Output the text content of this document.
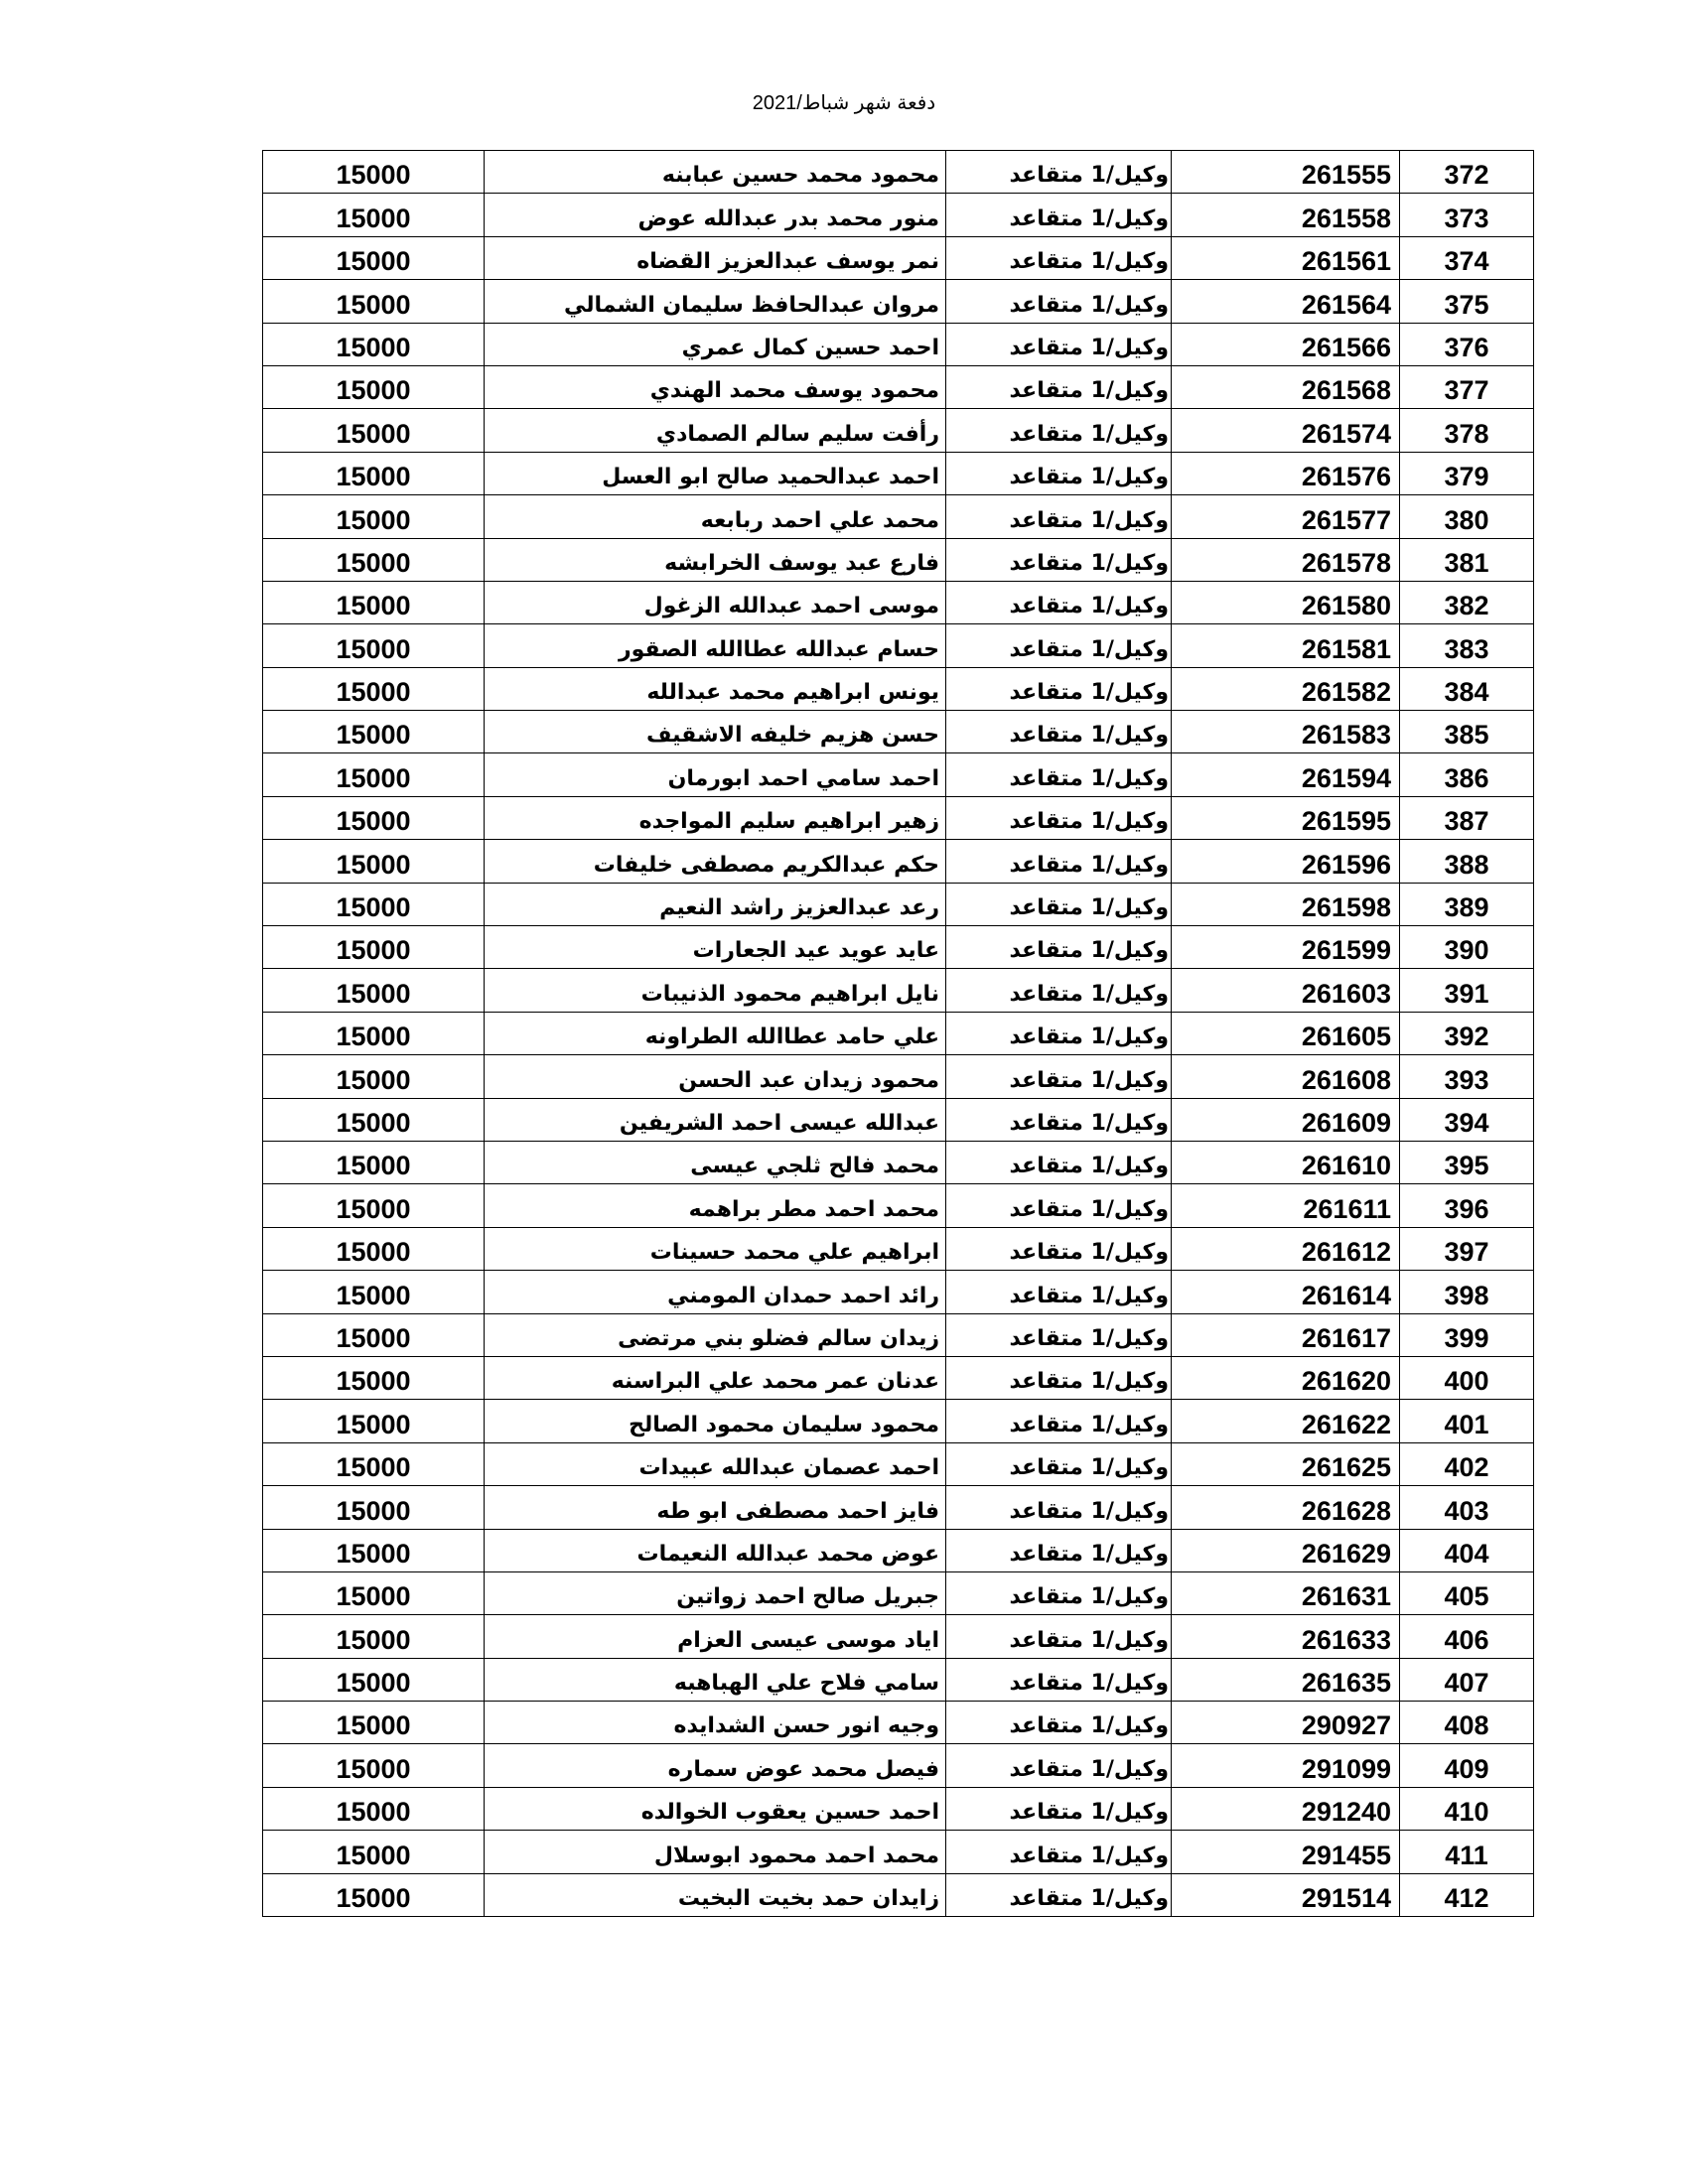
دفعة شهر شباط/2021
15000	محمود محمد حسين عبابنه	وكيل/1 متقاعد	261555	372
15000	منور محمد بدر عبدالله عوض	وكيل/1 متقاعد	261558	373
15000	نمر يوسف عبدالعزيز القضاه	وكيل/1 متقاعد	261561	374
15000	مروان عبدالحافظ سليمان الشمالي	وكيل/1 متقاعد	261564	375
15000	احمد حسين كمال عمري	وكيل/1 متقاعد	261566	376
15000	محمود يوسف محمد الهندي	وكيل/1 متقاعد	261568	377
15000	رأفت سليم سالم الصمادي	وكيل/1 متقاعد	261574	378
15000	احمد عبدالحميد صالح ابو العسل	وكيل/1 متقاعد	261576	379
15000	محمد علي احمد ربابعه	وكيل/1 متقاعد	261577	380
15000	فارع عبد يوسف الخرابشه	وكيل/1 متقاعد	261578	381
15000	موسى احمد عبدالله الزغول	وكيل/1 متقاعد	261580	382
15000	حسام عبدالله عطاالله الصقور	وكيل/1 متقاعد	261581	383
15000	يونس ابراهيم محمد عبدالله	وكيل/1 متقاعد	261582	384
15000	حسن هزيم خليفه الاشقيف	وكيل/1 متقاعد	261583	385
15000	احمد سامي احمد ابورمان	وكيل/1 متقاعد	261594	386
15000	زهير ابراهيم سليم المواجده	وكيل/1 متقاعد	261595	387
15000	حكم عبدالكريم مصطفى خليفات	وكيل/1 متقاعد	261596	388
15000	رعد عبدالعزيز راشد النعيم	وكيل/1 متقاعد	261598	389
15000	عايد عويد عيد الجعارات	وكيل/1 متقاعد	261599	390
15000	نايل ابراهيم محمود الذنيبات	وكيل/1 متقاعد	261603	391
15000	علي حامد عطاالله الطراونه	وكيل/1 متقاعد	261605	392
15000	محمود زيدان عبد الحسن	وكيل/1 متقاعد	261608	393
15000	عبدالله عيسى احمد الشريفين	وكيل/1 متقاعد	261609	394
15000	محمد فالح ثلجي عيسى	وكيل/1 متقاعد	261610	395
15000	محمد احمد مطر براهمه	وكيل/1 متقاعد	261611	396
15000	ابراهيم علي محمد حسينات	وكيل/1 متقاعد	261612	397
15000	رائد احمد حمدان المومني	وكيل/1 متقاعد	261614	398
15000	زيدان سالم فضلو بني مرتضى	وكيل/1 متقاعد	261617	399
15000	عدنان عمر محمد علي البراسنه	وكيل/1 متقاعد	261620	400
15000	محمود سليمان محمود الصالح	وكيل/1 متقاعد	261622	401
15000	احمد عصمان عبدالله عبيدات	وكيل/1 متقاعد	261625	402
15000	فايز احمد مصطفى ابو طه	وكيل/1 متقاعد	261628	403
15000	عوض محمد عبدالله النعيمات	وكيل/1 متقاعد	261629	404
15000	جبريل صالح احمد زواتين	وكيل/1 متقاعد	261631	405
15000	اياد موسى عيسى العزام	وكيل/1 متقاعد	261633	406
15000	سامي فلاح علي الهباهبه	وكيل/1 متقاعد	261635	407
15000	وجيه انور حسن الشدايده	وكيل/1 متقاعد	290927	408
15000	فيصل محمد عوض سماره	وكيل/1 متقاعد	291099	409
15000	احمد حسين يعقوب الخوالده	وكيل/1 متقاعد	291240	410
15000	محمد احمد محمود ابوسلال	وكيل/1 متقاعد	291455	411
15000	زايدان حمد بخيت البخيت	وكيل/1 متقاعد	291514	412
